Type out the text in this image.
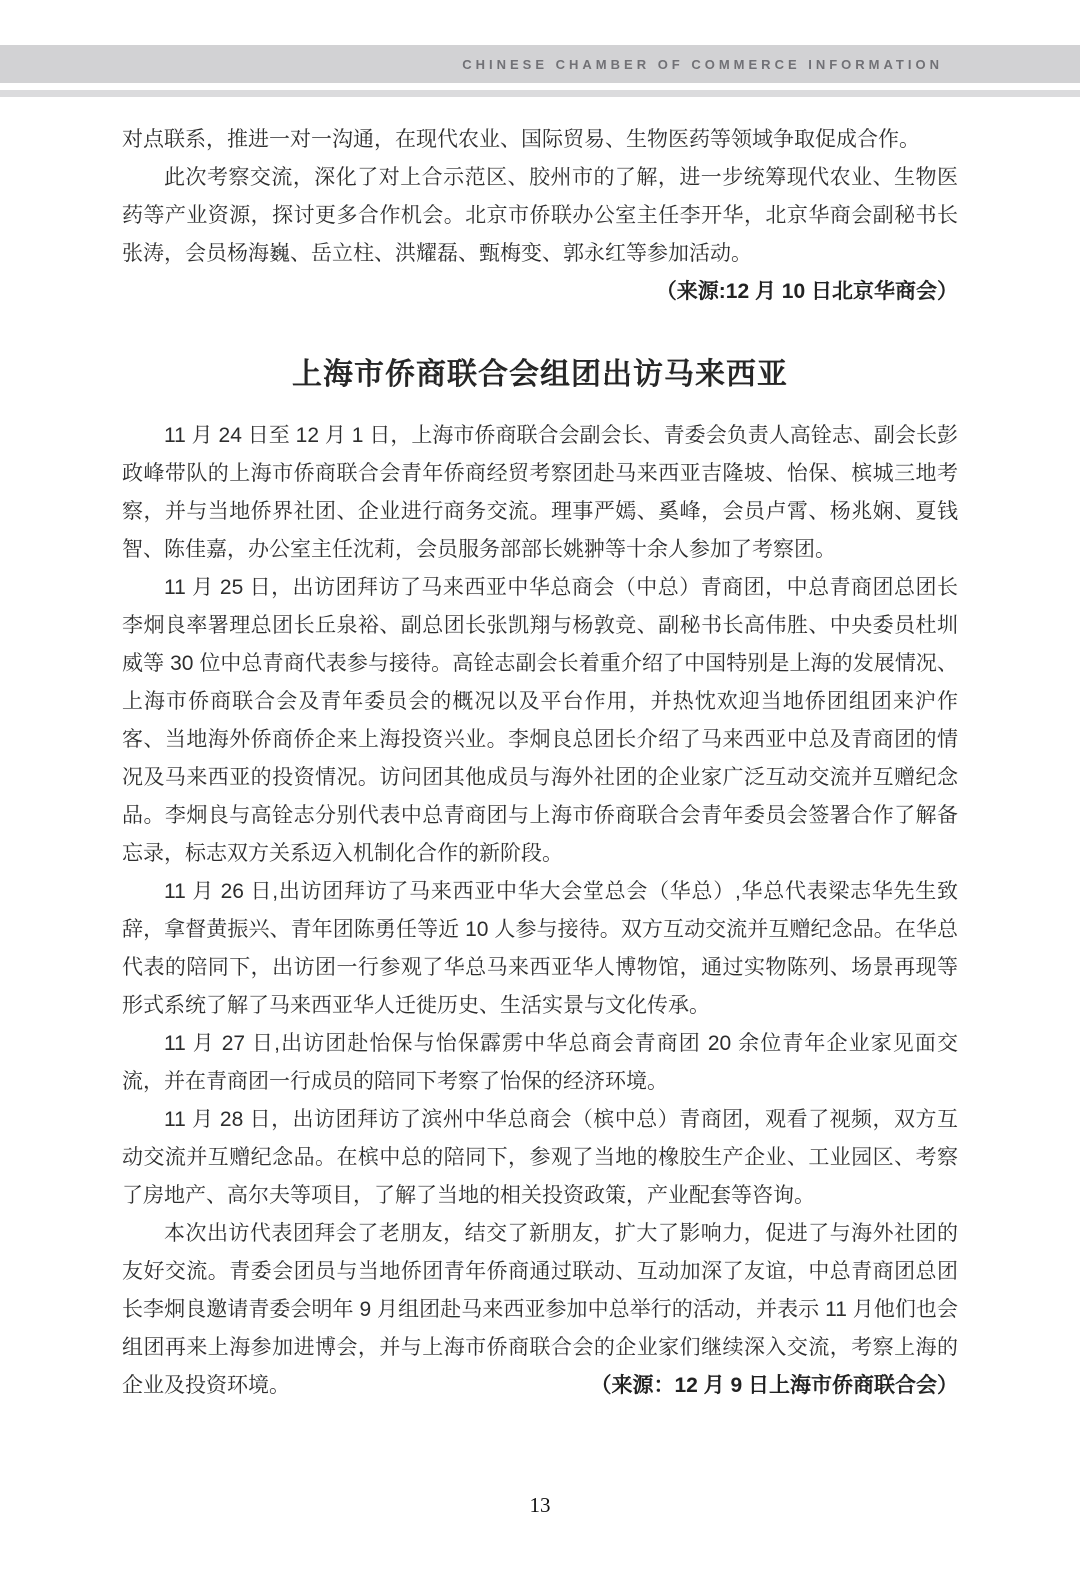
CHINESE CHAMBER OF COMMERCE INFORMATION

对点联系，推进一对一沟通，在现代农业、国际贸易、生物医药等领域争取促成合作。

此次考察交流，深化了对上合示范区、胶州市的了解，进一步统筹现代农业、生物医药等产业资源，探讨更多合作机会。北京市侨联办公室主任李开华，北京华商会副秘书长张涛，会员杨海巍、岳立柱、洪耀磊、甄梅变、郭永红等参加活动。
（来源:12 月 10 日北京华商会）

上海市侨商联合会组团出访马来西亚

11 月 24 日至 12 月 1 日，上海市侨商联合会副会长、青委会负责人高铨志、副会长彭政峰带队的上海市侨商联合会青年侨商经贸考察团赴马来西亚吉隆坡、怡保、槟城三地考察，并与当地侨界社团、企业进行商务交流。理事严嫣、奚峰，会员卢霄、杨兆娴、夏钱智、陈佳嘉，办公室主任沈莉，会员服务部部长姚翀等十余人参加了考察团。

11 月 25 日，出访团拜访了马来西亚中华总商会（中总）青商团，中总青商团总团长李炯良率署理总团长丘泉裕、副总团长张凯翔与杨敦竞、副秘书长高伟胜、中央委员杜圳威等 30 位中总青商代表参与接待。高铨志副会长着重介绍了中国特别是上海的发展情况、上海市侨商联合会及青年委员会的概况以及平台作用，并热忱欢迎当地侨团组团来沪作客、当地海外侨商侨企来上海投资兴业。李炯良总团长介绍了马来西亚中总及青商团的情况及马来西亚的投资情况。访问团其他成员与海外社团的企业家广泛互动交流并互赠纪念品。李炯良与高铨志分别代表中总青商团与上海市侨商联合会青年委员会签署合作了解备忘录，标志双方关系迈入机制化合作的新阶段。

11 月 26 日,出访团拜访了马来西亚中华大会堂总会（华总）,华总代表梁志华先生致辞，拿督黄振兴、青年团陈勇任等近 10 人参与接待。双方互动交流并互赠纪念品。在华总代表的陪同下，出访团一行参观了华总马来西亚华人博物馆，通过实物陈列、场景再现等形式系统了解了马来西亚华人迁徙历史、生活实景与文化传承。

11 月 27 日,出访团赴怡保与怡保霹雳中华总商会青商团 20 余位青年企业家见面交流，并在青商团一行成员的陪同下考察了怡保的经济环境。

11 月 28 日，出访团拜访了滨州中华总商会（槟中总）青商团，观看了视频，双方互动交流并互赠纪念品。在槟中总的陪同下，参观了当地的橡胶生产企业、工业园区、考察了房地产、高尔夫等项目，了解了当地的相关投资政策，产业配套等咨询。

本次出访代表团拜会了老朋友，结交了新朋友，扩大了影响力，促进了与海外社团的友好交流。青委会团员与当地侨团青年侨商通过联动、互动加深了友谊，中总青商团总团长李炯良邀请青委会明年 9 月组团赴马来西亚参加中总举行的活动，并表示 11 月他们也会组团再来上海参加进博会，并与上海市侨商联合会的企业家们继续深入交流，考察上海的企业及投资环境。	（来源：12 月 9 日上海市侨商联合会）

13
